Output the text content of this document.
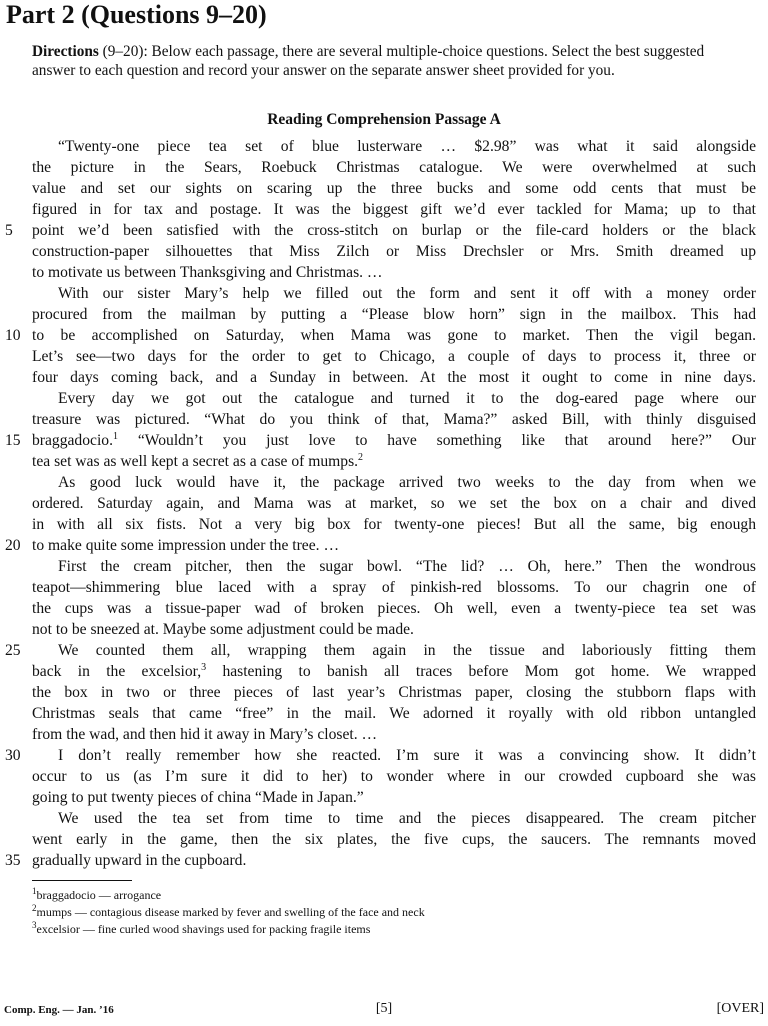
Part 2 (Questions 9–20)

Directions (9–20): Below each passage, there are several multiple-choice questions. Select the best suggested answer to each question and record your answer on the separate answer sheet provided for you.

Reading Comprehension Passage A
“Twenty-one piece tea set of blue lusterware … $2.98” was what it said alongside
the picture in the Sears, Roebuck Christmas catalogue. We were overwhelmed at such
value and set our sights on scaring up the three bucks and some odd cents that must be
figured in for tax and postage. It was the biggest gift we’d ever tackled for Mama; up to that
5	point we’d been satisfied with the cross-stitch on burlap or the file-card holders or the black
construction-paper silhouettes that Miss Zilch or Miss Drechsler or Mrs. Smith dreamed up
to motivate us between Thanksgiving and Christmas. …
With our sister Mary’s help we filled out the form and sent it off with a money order
procured from the mailman by putting a “Please blow horn” sign in the mailbox. This had
10 to be accomplished on Saturday, when Mama was gone to market. Then the vigil began.
Let’s see—two days for the order to get to Chicago, a couple of days to process it, three or
four days coming back, and a Sunday in between. At the most it ought to come in nine days.
Every day we got out the catalogue and turned it to the dog-eared page where our
treasure was pictured. “What do you think of that, Mama?” asked Bill, with thinly disguised
15 braggadocio.$^1$ “Wouldn’t you just love to have something like that around here?” Our
tea set was as well kept a secret as a case of mumps.$^2$
As good luck would have it, the package arrived two weeks to the day from when we
ordered. Saturday again, and Mama was at market, so we set the box on a chair and dived
in with all six fists. Not a very big box for twenty-one pieces! But all the same, big enough
20 to make quite some impression under the tree. …
First the cream pitcher, then the sugar bowl. “The lid? … Oh, here.” Then the wondrous
teapot—shimmering blue laced with a spray of pinkish-red blossoms. To our chagrin one of
the cups was a tissue-paper wad of broken pieces. Oh well, even a twenty-piece tea set was
not to be sneezed at. Maybe some adjustment could be made.
25	We counted them all, wrapping them again in the tissue and laboriously fitting them
back in the excelsior,$^3$ hastening to banish all traces before Mom got home. We wrapped
the box in two or three pieces of last year’s Christmas paper, closing the stubborn flaps with
Christmas seals that came “free” in the mail. We adorned it royally with old ribbon untangled
from the wad, and then hid it away in Mary’s closet. …
30	I don’t really remember how she reacted. I’m sure it was a convincing show. It didn’t
occur to us (as I’m sure it did to her) to wonder where in our crowded cupboard she was
going to put twenty pieces of china “Made in Japan.”
We used the tea set from time to time and the pieces disappeared. The cream pitcher
went early in the game, then the six plates, the five cups, the saucers. The remnants moved
35 gradually upward in the cupboard.
$^1$braggadocio — arrogance
$^2$mumps — contagious disease marked by fever and swelling of the face and neck
$^3$excelsior — fine curled wood shavings used for packing fragile items
Comp. Eng. — Jan. ’16	[5]	[OVER]
